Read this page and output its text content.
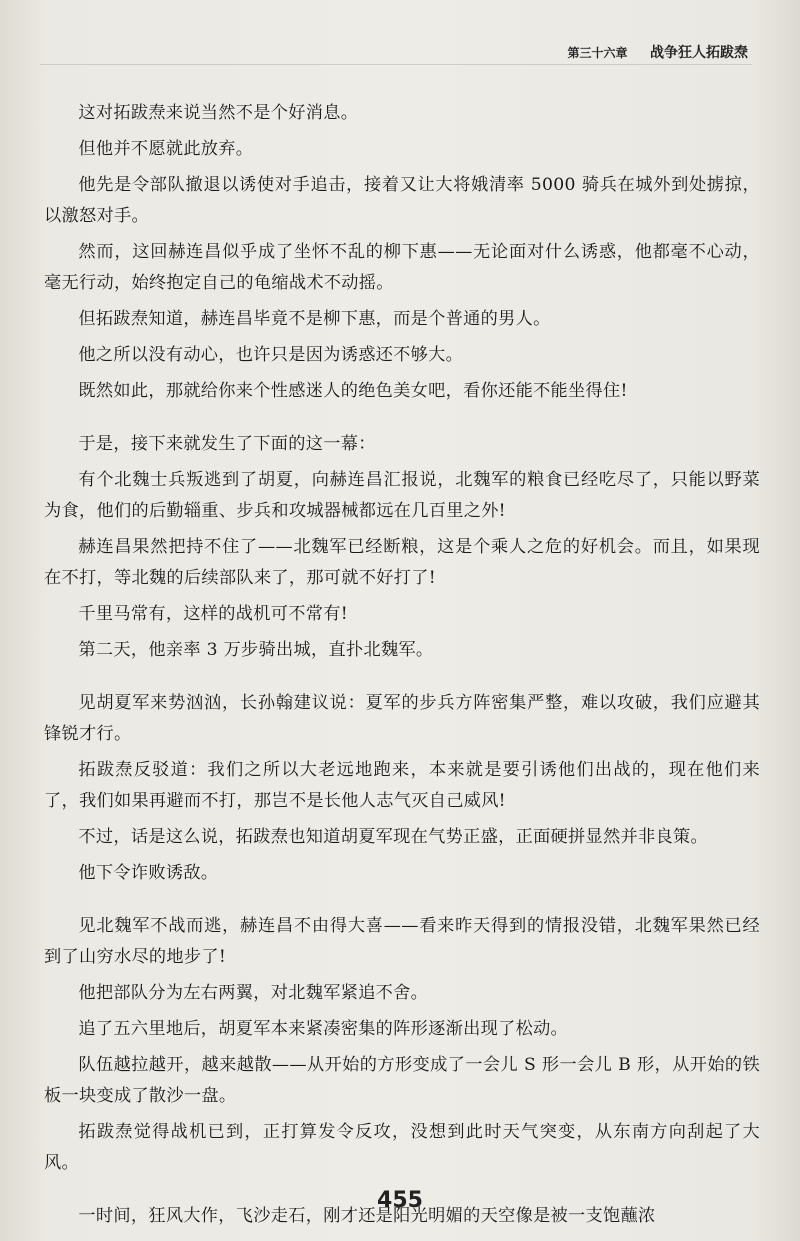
第三十六章 战争狂人拓跋焘

这对拓跋焘来说当然不是个好消息。

但他并不愿就此放弃。

他先是令部队撤退以诱使对手追击，接着又让大将娥清率 5000 骑兵在城外到处掳掠，以激怒对手。

然而，这回赫连昌似乎成了坐怀不乱的柳下惠——无论面对什么诱惑，他都毫不心动，毫无行动，始终抱定自己的龟缩战术不动摇。

但拓跋焘知道，赫连昌毕竟不是柳下惠，而是个普通的男人。

他之所以没有动心，也许只是因为诱惑还不够大。

既然如此，那就给你来个性感迷人的绝色美女吧，看你还能不能坐得住!

于是，接下来就发生了下面的这一幕：

有个北魏士兵叛逃到了胡夏，向赫连昌汇报说，北魏军的粮食已经吃尽了，只能以野菜为食，他们的后勤辎重、步兵和攻城器械都远在几百里之外!

赫连昌果然把持不住了——北魏军已经断粮，这是个乘人之危的好机会。而且，如果现在不打，等北魏的后续部队来了，那可就不好打了!

千里马常有，这样的战机可不常有!

第二天，他亲率 3 万步骑出城，直扑北魏军。

见胡夏军来势汹汹，长孙翰建议说：夏军的步兵方阵密集严整，难以攻破，我们应避其锋锐才行。

拓跋焘反驳道：我们之所以大老远地跑来，本来就是要引诱他们出战的，现在他们来了，我们如果再避而不打，那岂不是长他人志气灭自己威风!

不过，话是这么说，拓跋焘也知道胡夏军现在气势正盛，正面硬拼显然并非良策。

他下令诈败诱敌。

见北魏军不战而逃，赫连昌不由得大喜——看来昨天得到的情报没错，北魏军果然已经到了山穷水尽的地步了!

他把部队分为左右两翼，对北魏军紧追不舍。

追了五六里地后，胡夏军本来紧凑密集的阵形逐渐出现了松动。

队伍越拉越开，越来越散——从开始的方形变成了一会儿 S 形一会儿 B 形，从开始的铁板一块变成了散沙一盘。

拓跋焘觉得战机已到，正打算发令反攻，没想到此时天气突变，从东南方向刮起了大风。

一时间，狂风大作，飞沙走石，刚才还是阳光明媚的天空像是被一支饱蘸浓

455
